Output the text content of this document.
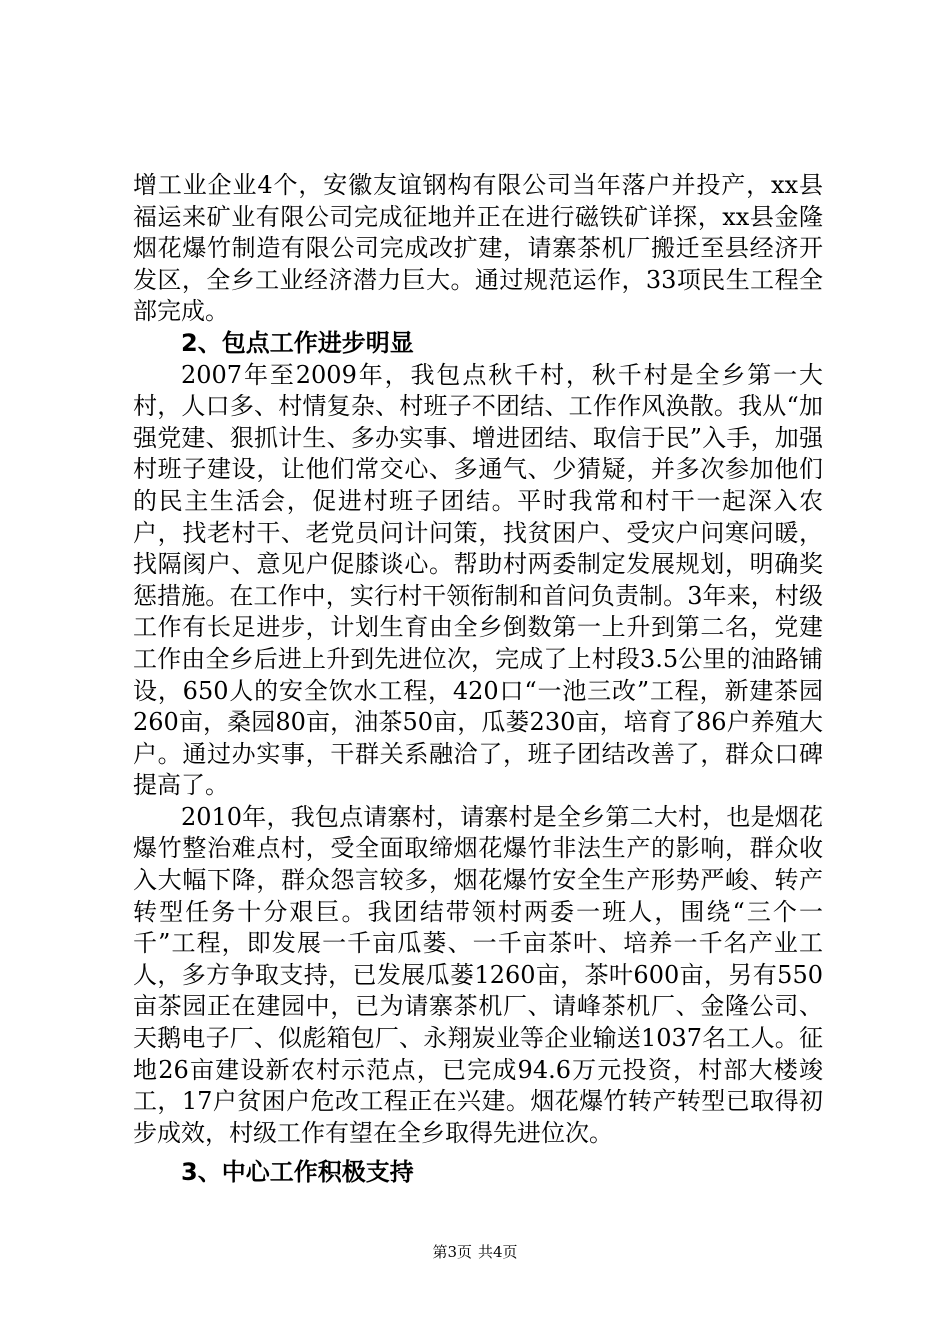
增工业企业4个，安徽友谊钢构有限公司当年落户并投产，xx县福运来矿业有限公司完成征地并正在进行磁铁矿详探，xx县金隆烟花爆竹制造有限公司完成改扩建，请寨茶机厂搬迁至县经济开发区，全乡工业经济潜力巨大。通过规范运作，33项民生工程全部完成。

2、包点工作进步明显

2007年至2009年，我包点秋千村，秋千村是全乡第一大村，人口多、村情复杂、村班子不团结、工作作风涣散。我从“加强党建、狠抓计生、多办实事、增进团结、取信于民”入手，加强村班子建设，让他们常交心、多通气、少猜疑，并多次参加他们的民主生活会，促进村班子团结。平时我常和村干一起深入农户，找老村干、老党员问计问策，找贫困户、受灾户问寒问暖，找隔阂户、意见户促膝谈心。帮助村两委制定发展规划，明确奖惩措施。在工作中，实行村干领衔制和首问负责制。3年来，村级工作有长足进步，计划生育由全乡倒数第一上升到第二名，党建工作由全乡后进上升到先进位次，完成了上村段3.5公里的油路铺设，650人的安全饮水工程，420口“一池三改”工程，新建茶园260亩，桑园80亩，油茶50亩，瓜蒌230亩，培育了86户养殖大户。通过办实事，干群关系融洽了，班子团结改善了，群众口碑提高了。

2010年，我包点请寨村，请寨村是全乡第二大村，也是烟花爆竹整治难点村，受全面取缔烟花爆竹非法生产的影响，群众收入大幅下降，群众怨言较多，烟花爆竹安全生产形势严峻、转产转型任务十分艰巨。我团结带领村两委一班人，围绕“三个一千”工程，即发展一千亩瓜蒌、一千亩茶叶、培养一千名产业工人，多方争取支持，已发展瓜蒌1260亩，茶叶600亩，另有550亩茶园正在建园中，已为请寨茶机厂、请峰茶机厂、金隆公司、天鹅电子厂、似彪箱包厂、永翔炭业等企业输送1037名工人。征地26亩建设新农村示范点，已完成94.6万元投资，村部大楼竣工，17户贫困户危改工程正在兴建。烟花爆竹转产转型已取得初步成效，村级工作有望在全乡取得先进位次。

3、中心工作积极支持

第3页 共4页
